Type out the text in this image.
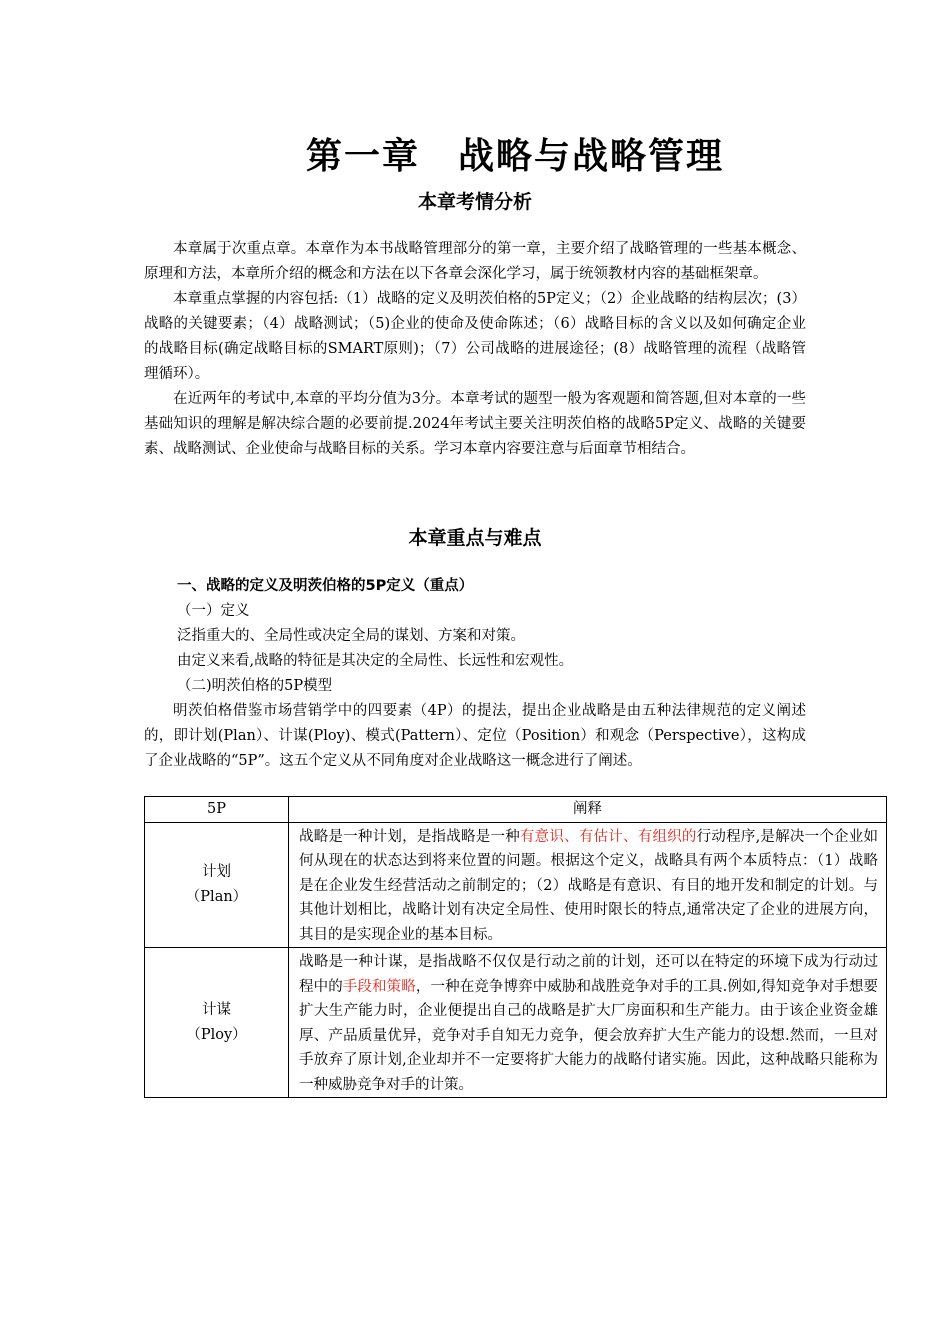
第一章　战略与战略管理
本章考情分析

本章属于次重点章。本章作为本书战略管理部分的第一章，主要介绍了战略管理的一些基本概念、原理和方法，本章所介绍的概念和方法在以下各章会深化学习，属于统领教材内容的基础框架章。

本章重点掌握的内容包括:（1）战略的定义及明茨伯格的5P定义；（2）企业战略的结构层次；(3）战略的关键要素；（4）战略测试；（5)企业的使命及使命陈述；（6）战略目标的含义以及如何确定企业的战略目标(确定战略目标的SMART原则)；（7）公司战略的进展途径；(8）战略管理的流程（战略管理循环）。

在近两年的考试中,本章的平均分值为3分。本章考试的题型一般为客观题和简答题,但对本章的一些基础知识的理解是解决综合题的必要前提.2024年考试主要关注明茨伯格的战略5P定义、战略的关键要素、战略测试、企业使命与战略目标的关系。学习本章内容要注意与后面章节相结合。

本章重点与难点
一、战略的定义及明茨伯格的5P定义（重点）
（一）定义
泛指重大的、全局性或决定全局的谋划、方案和对策。
由定义来看,战略的特征是其决定的全局性、长远性和宏观性。
（二)明茨伯格的5P模型

明茨伯格借鉴市场营销学中的四要素（4P）的提法，提出企业战略是由五种法律规范的定义阐述的，即计划(Plan）、计谋(Ploy)、模式(Pattern）、定位（Position）和观念（Perspective），这构成了企业战略的“5P”。这五个定义从不同角度对企业战略这一概念进行了阐述。

5P	阐释

计划
（Plan）	战略是一种计划，是指战略是一种有意识、有估计、有组织的行动程序,是解决一个企业如何从现在的状态达到将来位置的问题。根据这个定义，战略具有两个本质特点：（1）战略是在企业发生经营活动之前制定的；（2）战略是有意识、有目的地开发和制定的计划。与其他计划相比，战略计划有决定全局性、使用时限长的特点,通常决定了企业的进展方向，其目的是实现企业的基本目标。

计谋
（Ploy）	战略是一种计谋，是指战略不仅仅是行动之前的计划，还可以在特定的环境下成为行动过程中的手段和策略，一种在竞争博弈中威胁和战胜竞争对手的工具.例如,得知竞争对手想要扩大生产能力时，企业便提出自己的战略是扩大厂房面积和生产能力。由于该企业资金雄厚、产品质量优异，竞争对手自知无力竞争，便会放弃扩大生产能力的设想.然而，一旦对手放弃了原计划,企业却并不一定要将扩大能力的战略付诸实施。因此，这种战略只能称为一种威胁竞争对手的计策。
